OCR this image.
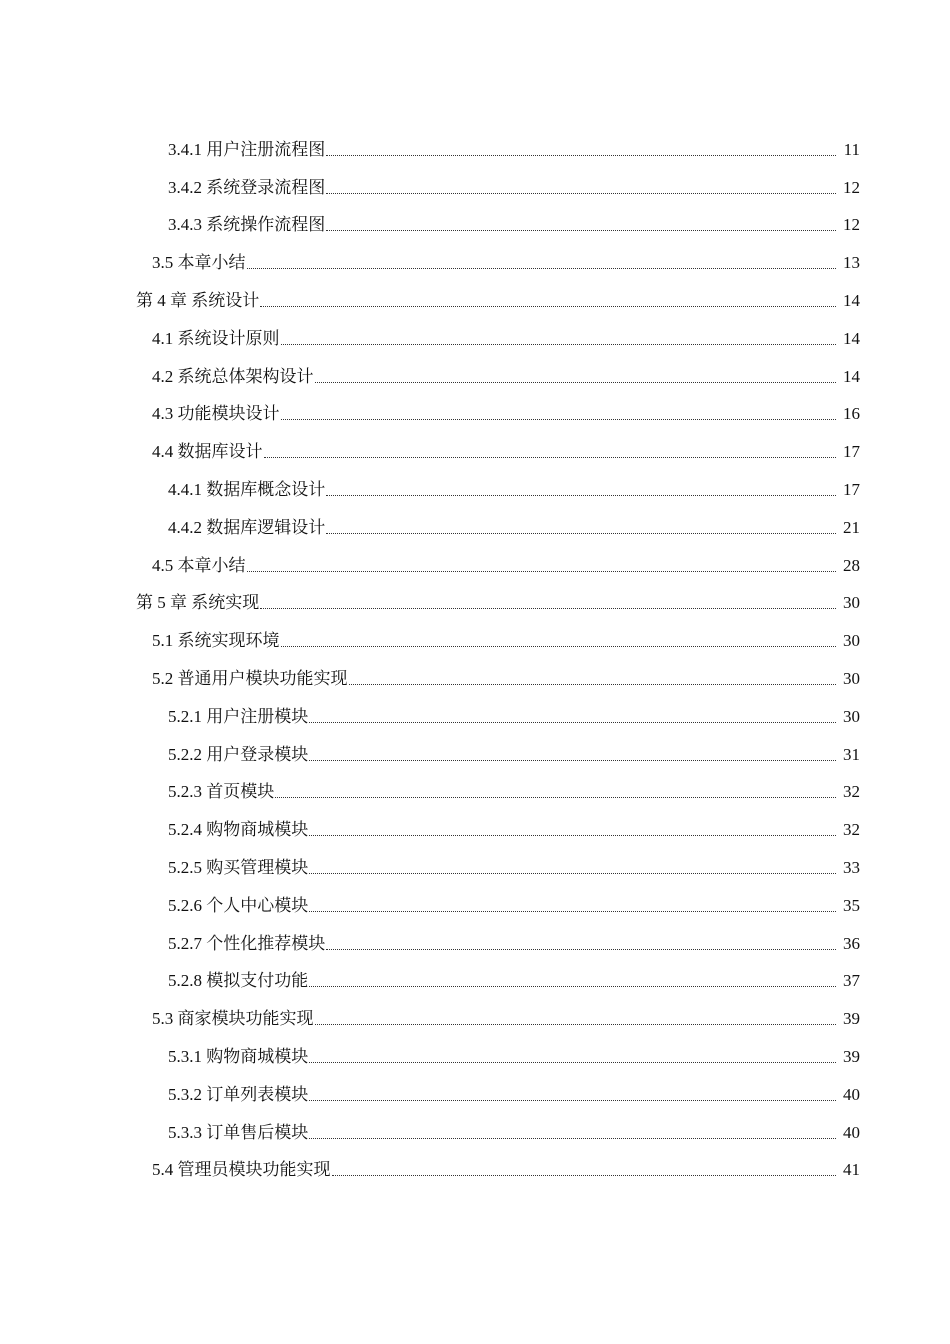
3.4.1 用户注册流程图	11
3.4.2 系统登录流程图	12
3.4.3 系统操作流程图	12
3.5 本章小结	13
第 4 章 系统设计	14
4.1 系统设计原则	14
4.2 系统总体架构设计	14
4.3 功能模块设计	16
4.4 数据库设计	17
4.4.1 数据库概念设计	17
4.4.2 数据库逻辑设计	21
4.5 本章小结	28
第 5 章 系统实现	30
5.1 系统实现环境	30
5.2 普通用户模块功能实现	30
5.2.1 用户注册模块	30
5.2.2 用户登录模块	31
5.2.3 首页模块	32
5.2.4 购物商城模块	32
5.2.5 购买管理模块	33
5.2.6 个人中心模块	35
5.2.7 个性化推荐模块	36
5.2.8 模拟支付功能	37
5.3 商家模块功能实现	39
5.3.1 购物商城模块	39
5.3.2 订单列表模块	40
5.3.3 订单售后模块	40
5.4 管理员模块功能实现	41
